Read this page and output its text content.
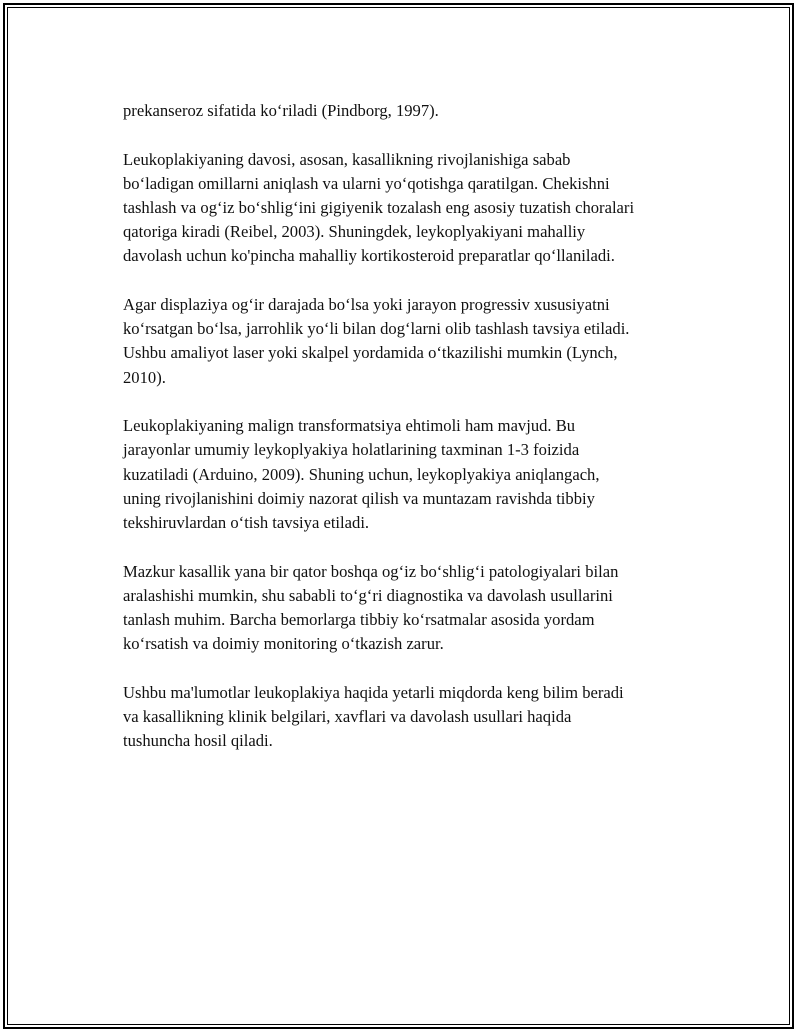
prekanseroz sifatida ko‘riladi (Pindborg, 1997).

Leukoplakiyaning davosi, asosan, kasallikning rivojlanishiga sabab
bo‘ladigan omillarni aniqlash va ularni yo‘qotishga qaratilgan. Chekishni
tashlash va og‘iz bo‘shlig‘ini gigiyenik tozalash eng asosiy tuzatish choralari
qatoriga kiradi (Reibel, 2003). Shuningdek, leykoplyakiyani mahalliy
davolash uchun ko'pincha mahalliy kortikosteroid preparatlar qo‘llaniladi.

Agar displaziya og‘ir darajada bo‘lsa yoki jarayon progressiv xususiyatni
ko‘rsatgan bo‘lsa, jarrohlik yo‘li bilan dog‘larni olib tashlash tavsiya etiladi.
Ushbu amaliyot laser yoki skalpel yordamida o‘tkazilishi mumkin (Lynch,
2010).

Leukoplakiyaning malign transformatsiya ehtimoli ham mavjud. Bu
jarayonlar umumiy leykoplyakiya holatlarining taxminan 1-3 foizida
kuzatiladi (Arduino, 2009). Shuning uchun, leykoplyakiya aniqlangach,
uning rivojlanishini doimiy nazorat qilish va muntazam ravishda tibbiy
tekshiruvlardan o‘tish tavsiya etiladi.

Mazkur kasallik yana bir qator boshqa og‘iz bo‘shlig‘i patologiyalari bilan
aralashishi mumkin, shu sababli to‘g‘ri diagnostika va davolash usullarini
tanlash muhim. Barcha bemorlarga tibbiy ko‘rsatmalar asosida yordam
ko‘rsatish va doimiy monitoring o‘tkazish zarur.

Ushbu ma'lumotlar leukoplakiya haqida yetarli miqdorda keng bilim beradi
va kasallikning klinik belgilari, xavflari va davolash usullari haqida
tushuncha hosil qiladi.
